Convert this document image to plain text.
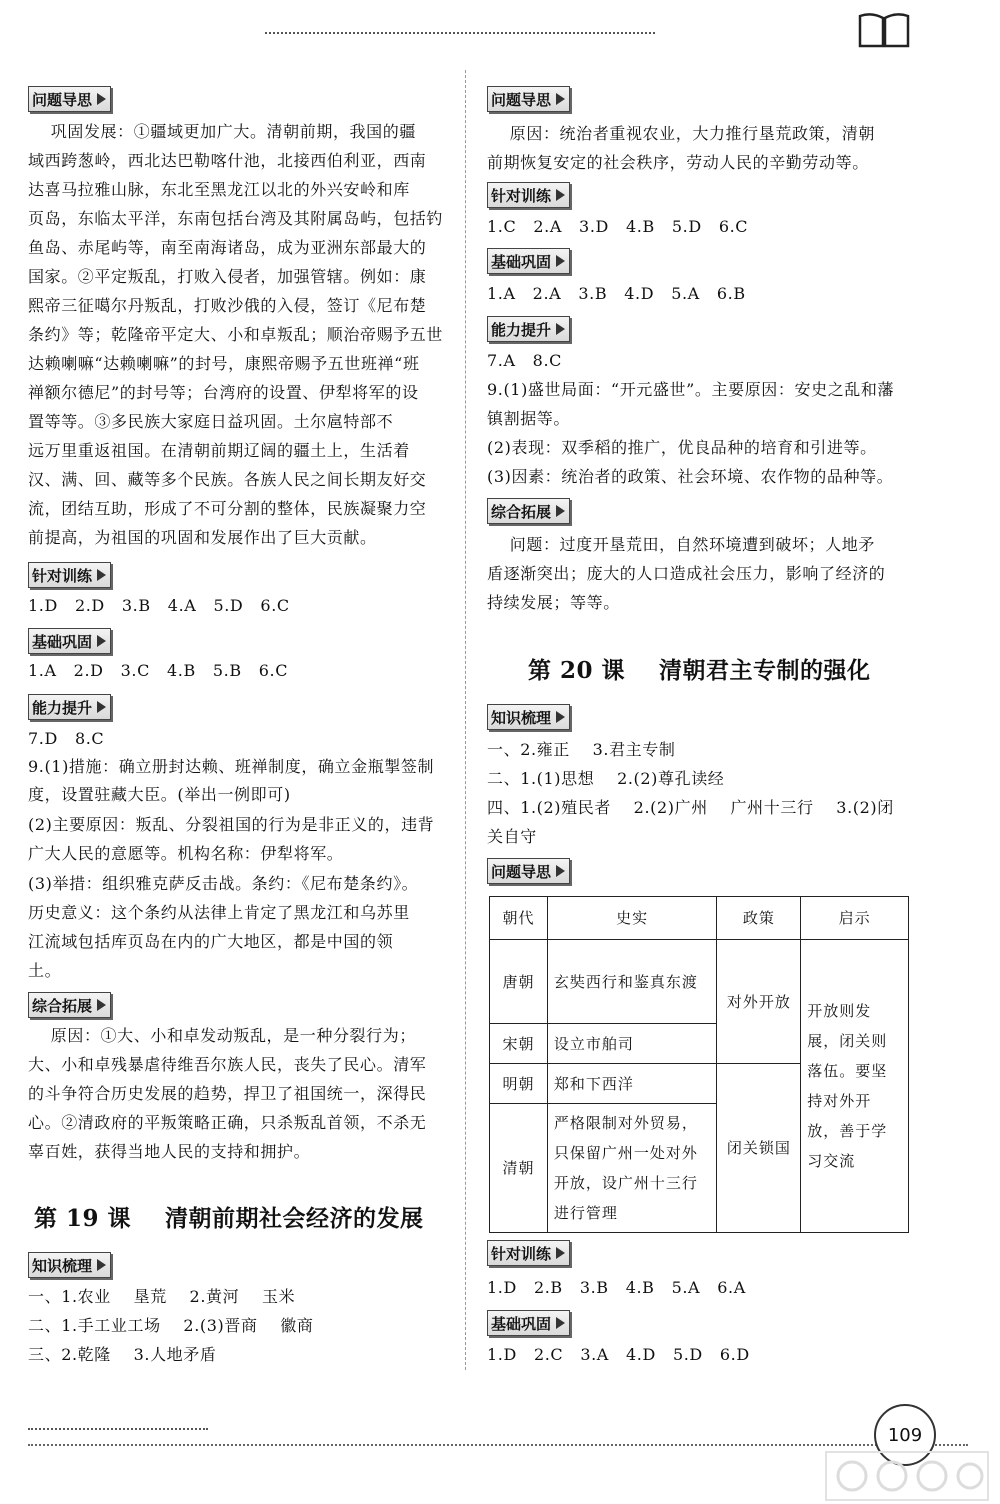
问题导思
巩固发展：①疆域更加广大。清朝前期，我国的疆
域西跨葱岭，西北达巴勒喀什池，北接西伯利亚，西南
达喜马拉雅山脉，东北至黑龙江以北的外兴安岭和库
页岛，东临太平洋，东南包括台湾及其附属岛屿，包括钓
鱼岛、赤尾屿等，南至南海诸岛，成为亚洲东部最大的
国家。②平定叛乱，打败入侵者，加强管辖。例如：康
熙帝三征噶尔丹叛乱，打败沙俄的入侵，签订《尼布楚
条约》等；乾隆帝平定大、小和卓叛乱；顺治帝赐予五世
达赖喇嘛“达赖喇嘛”的封号，康熙帝赐予五世班禅“班
禅额尔德尼”的封号等；台湾府的设置、伊犁将军的设
置等等。③多民族大家庭日益巩固。土尔扈特部不
远万里重返祖国。在清朝前期辽阔的疆土上，生活着
汉、满、回、藏等多个民族。各族人民之间长期友好交
流，团结互助，形成了不可分割的整体，民族凝聚力空
前提高，为祖国的巩固和发展作出了巨大贡献。
针对训练
1.D   2.D   3.B   4.A   5.D   6.C
基础巩固
1.A   2.D   3.C   4.B   5.B   6.C
能力提升
7.D   8.C
9.(1)措施：确立册封达赖、班禅制度，确立金瓶掣签制
度，设置驻藏大臣。(举出一例即可)
(2)主要原因：叛乱、分裂祖国的行为是非正义的，违背
广大人民的意愿等。机构名称：伊犁将军。
(3)举措：组织雅克萨反击战。条约：《尼布楚条约》。
历史意义：这个条约从法律上肯定了黑龙江和乌苏里
江流域包括库页岛在内的广大地区，都是中国的领
土。
综合拓展
原因：①大、小和卓发动叛乱，是一种分裂行为；
大、小和卓残暴虐待维吾尔族人民，丧失了民心。清军
的斗争符合历史发展的趋势，捍卫了祖国统一，深得民
心。②清政府的平叛策略正确，只杀叛乱首领，不杀无
辜百姓，获得当地人民的支持和拥护。
第 19 课    清朝前期社会经济的发展
知识梳理
一、1.农业    垦荒    2.黄河    玉米
二、1.手工业工场    2.(3)晋商    徽商
三、2.乾隆    3.人地矛盾
问题导思
原因：统治者重视农业，大力推行垦荒政策，清朝
前期恢复安定的社会秩序，劳动人民的辛勤劳动等。
针对训练
1.C   2.A   3.D   4.B   5.D   6.C
基础巩固
1.A   2.A   3.B   4.D   5.A   6.B
能力提升
7.A   8.C
9.(1)盛世局面：“开元盛世”。主要原因：安史之乱和藩
镇割据等。
(2)表现：双季稻的推广，优良品种的培育和引进等。
(3)因素：统治者的政策、社会环境、农作物的品种等。
综合拓展
问题：过度开垦荒田，自然环境遭到破坏；人地矛
盾逐渐突出；庞大的人口造成社会压力，影响了经济的
持续发展；等等。
第 20 课    清朝君主专制的强化
知识梳理
一、2.雍正    3.君主专制
二、1.(1)思想    2.(2)尊孔读经
四、1.(2)殖民者    2.(2)广州    广州十三行    3.(2)闭
关自守
问题导思
朝代	史实	政策	启示
唐朝	玄奘西行和鉴真东渡	对外开放	开放则发展，闭关则落伍。要坚持对外开放，善于学习交流
宋朝	设立市舶司		
明朝	郑和下西洋	闭关锁国	
清朝	严格限制对外贸易，只保留广州一处对外开放，设广州十三行进行管理		
针对训练
1.D   2.B   3.B   4.B   5.A   6.A
基础巩固
1.D   2.C   3.A   4.D   5.D   6.D
109
